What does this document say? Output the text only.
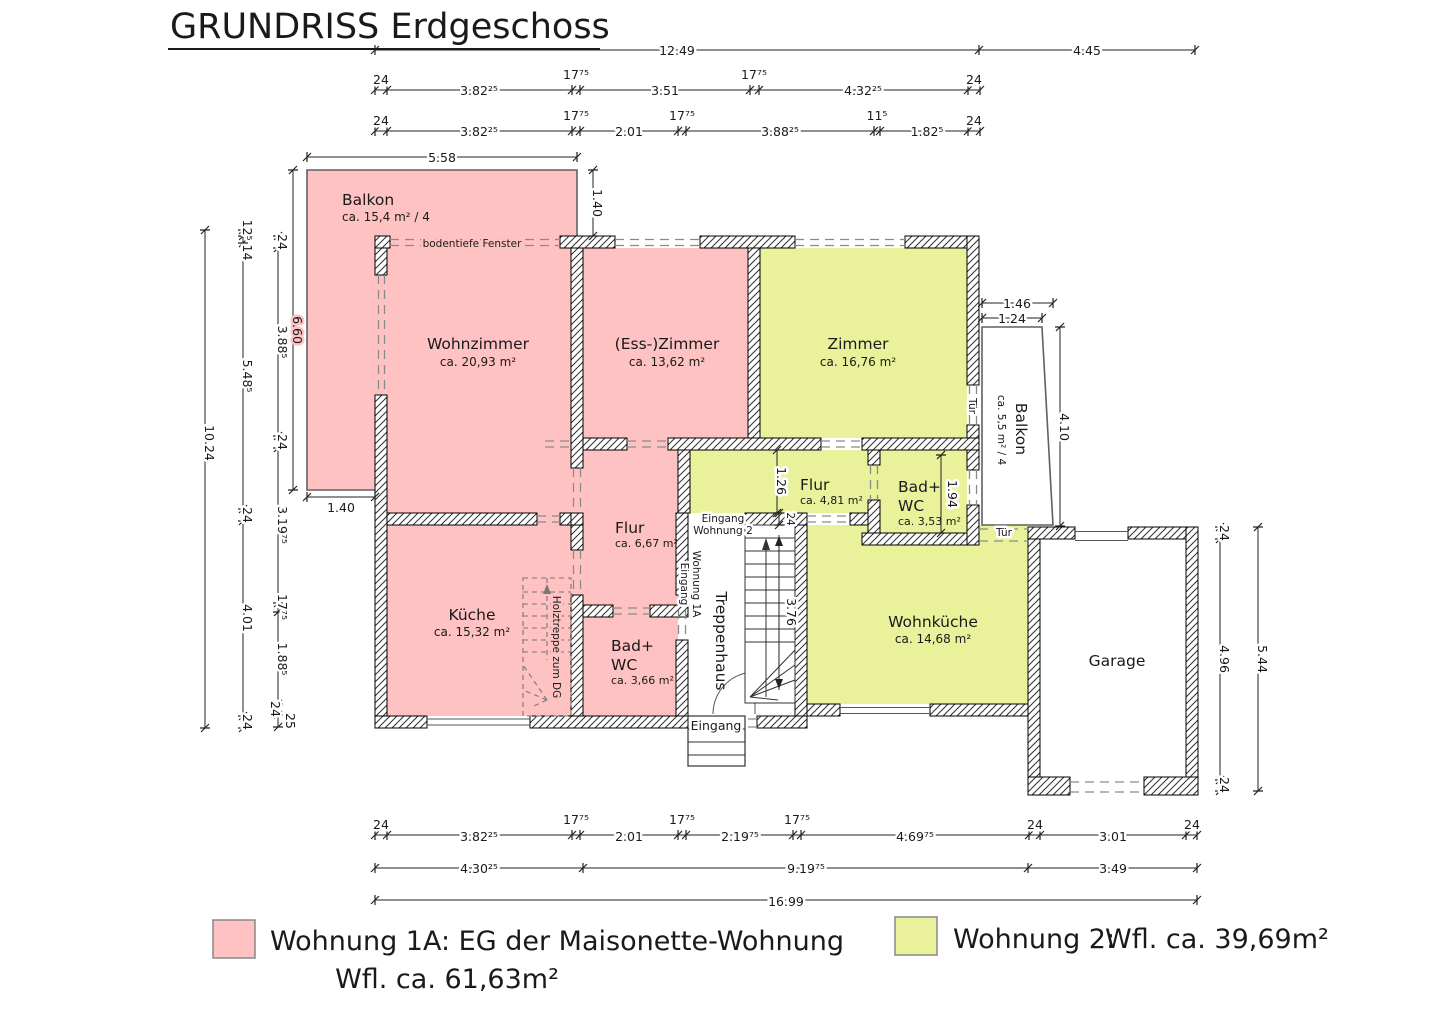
GRUNDRISS Erdgeschoss
12.49	4.45
24
3.82²⁵
17⁷⁵
3.51
17⁷⁵
4.32²⁵
24
24
3.82²⁵
17⁷⁵
2.01
17⁷⁵
3.88²⁵
11⁵
1.82⁵
24
5.58
24
3.82²⁵
17⁷⁵
2.01
17⁷⁵
2.19⁷⁵
17⁷⁵
4.69⁷⁵
24
3.01
24
4.30²⁵	9.19⁷⁵	3.49
16.99
10.24
12⁵14
5.48⁵
24
4.01
24
24
3.88⁵
24
3.19⁷⁵
17⁷⁵
1.88⁵
24
25
6.60
1.40
1.40
24
4.96
24
5.44
1.46
1.24
4.10
1.26	1.94
3.76
24
Balkon
ca. 15,4 m² / 4
Wohnzimmer
ca. 20,93 m²
(Ess-)Zimmer
ca. 13,62 m²
Zimmer
ca. 16,76 m²
Balkon
ca. 5,5 m² / 4
Flur
ca. 4,81 m²
Bad+
WC
ca. 3,53 m²
Flur
ca. 6,67 m²
Küche
ca. 15,32 m²
Bad+
WC
ca. 3,66 m² Treppenhaus	Wohnküche
ca. 14,68 m²
Garage
bodentiefe Fenster
Tür
Tür
Eingang
Wohnung 2
Eingang Wohnung 1A
Holztreppe zum DG
Eingang
Wohnung 1A: EG der Maisonette-Wohnung
Wfl. ca. 61,63m²
Wohnung 2:
Wfl. ca. 39,69m²
